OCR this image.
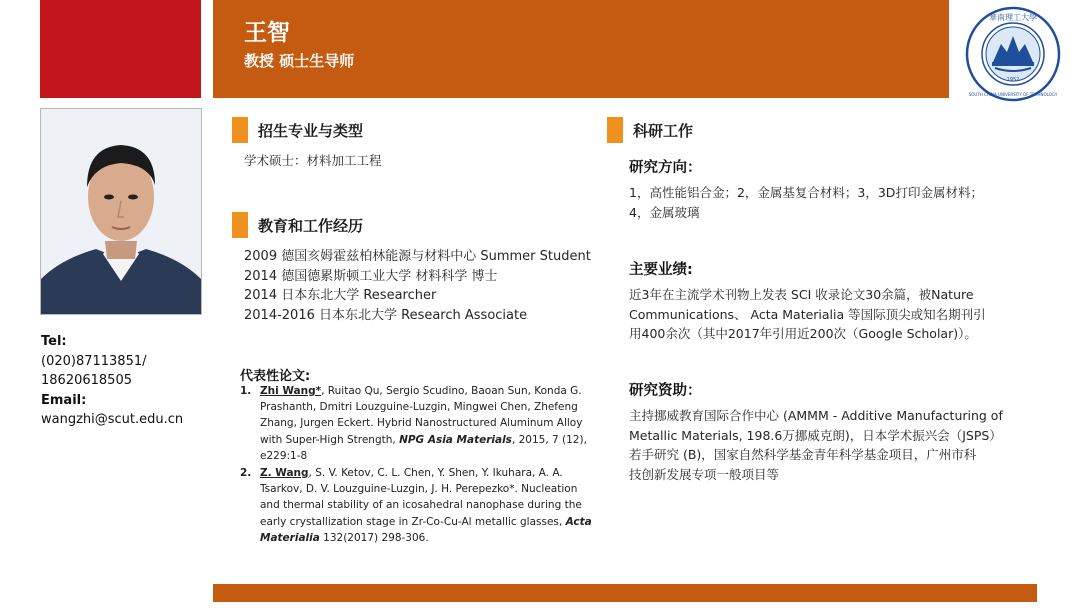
王智
教授 硕士生导师
華南理工大學
SOUTH CHINA UNIVERSITY OF TECHNOLOGY
1952
Tel:
(020)87113851/
18620618505
Email:
wangzhi@scut.edu.cn
招生专业与类型
学术硕士：材料加工工程
教育和工作经历
2009 德国亥姆霍兹柏林能源与材料中心 Summer Student
2014 德国德累斯顿工业大学 材料科学 博士
2014 日本东北大学 Researcher
2014-2016 日本东北大学 Research Associate
代表性论文:
1. Zhi Wang*, Ruitao Qu, Sergio Scudino, Baoan Sun, Konda G. Prashanth, Dmitri Louzguine-Luzgin, Mingwei Chen, Zhefeng Zhang, Jurgen Eckert. Hybrid Nanostructured Aluminum Alloy with Super-High Strength, NPG Asia Materials, 2015, 7 (12), e229:1-8
2. Z. Wang, S. V. Ketov, C. L. Chen, Y. Shen, Y. Ikuhara, A. A. Tsarkov, D. V. Louzguine-Luzgin, J. H. Perepezko*. Nucleation and thermal stability of an icosahedral nanophase during the early crystallization stage in Zr-Co-Cu-Al metallic glasses, Acta Materialia 132(2017) 298-306.
科研工作
研究方向：
1，高性能铝合金；2，金属基复合材料；3，3D打印金属材料；
4，金属玻璃
主要业绩:
近3年在主流学术刊物上发表 SCI 收录论文30余篇，被Nature
Communications、 Acta Materialia 等国际顶尖或知名期刊引
用400余次（其中2017年引用近200次（Google Scholar)）。
研究资助：
主持挪威教育国际合作中心 (AMMM - Additive Manufacturing of
Metallic Materials, 198.6万挪威克朗)，日本学术振兴会（JSPS）
若手研究 (B)，国家自然科学基金青年科学基金项目，广州市科
技创新发展专项一般项目等
